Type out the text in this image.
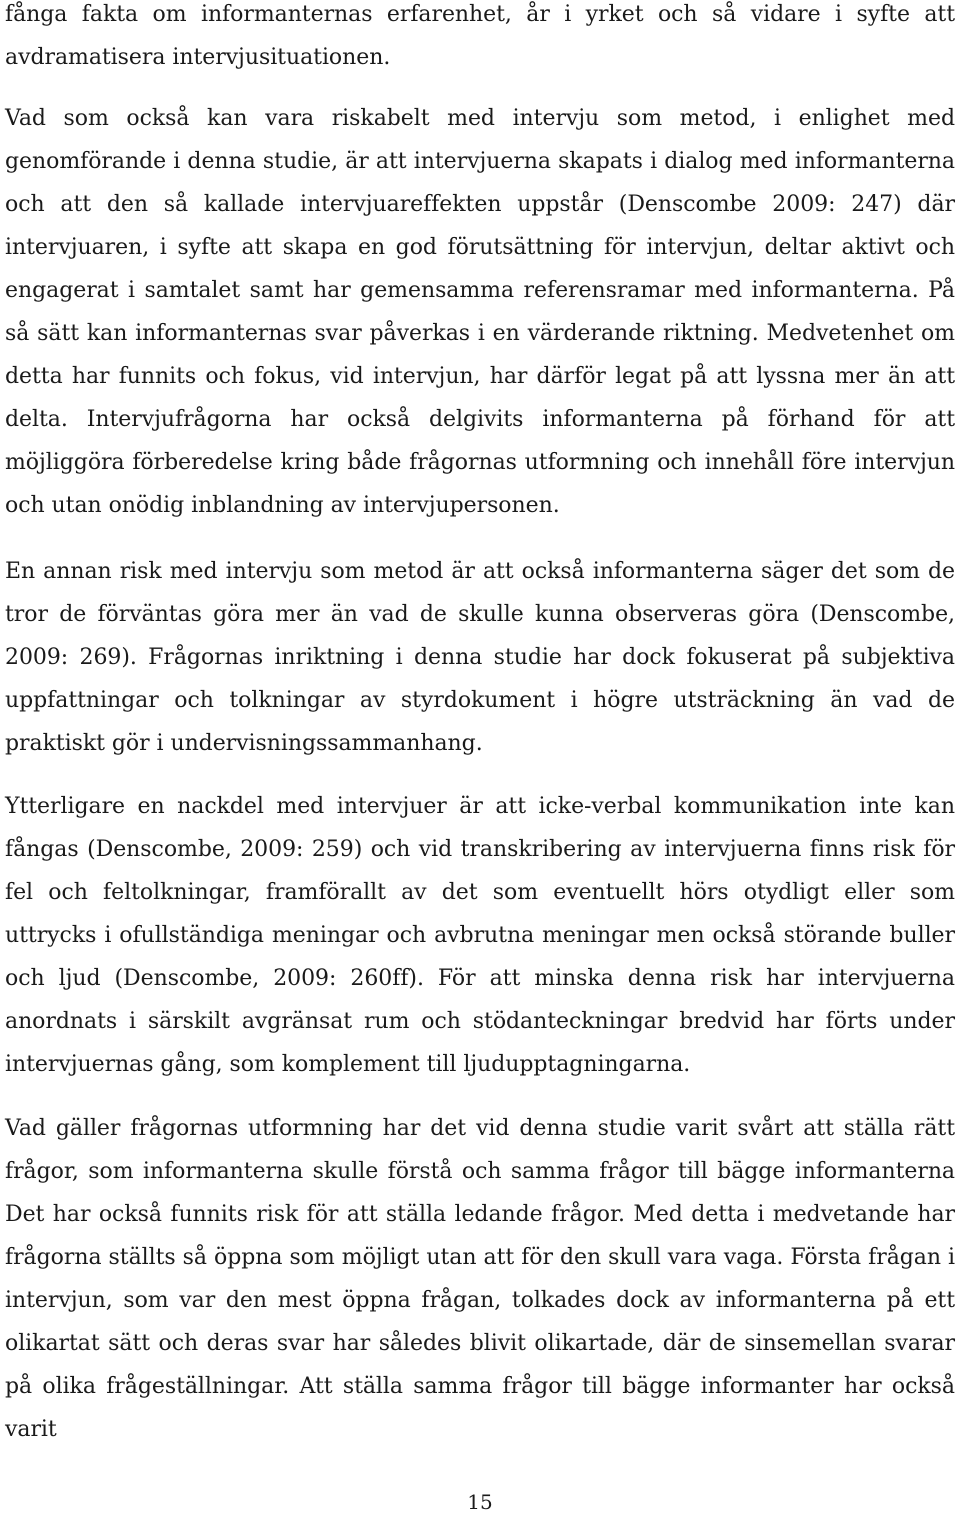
fånga fakta om informanternas erfarenhet, år i yrket och så vidare i syfte att avdramatisera intervjusituationen.

Vad som också kan vara riskabelt med intervju som metod, i enlighet med genomförande i denna studie, är att intervjuerna skapats i dialog med informanterna och att den så kallade intervjuareffekten uppstår (Denscombe 2009: 247) där intervjuaren, i syfte att skapa en god förutsättning för intervjun, deltar aktivt och engagerat i samtalet samt har gemensamma referensramar med informanterna. På så sätt kan informanternas svar påverkas i en värderande riktning. Medvetenhet om detta har funnits och fokus, vid intervjun, har därför legat på att lyssna mer än att delta. Intervjufrågorna har också delgivits informanterna på förhand för att möjliggöra förberedelse kring både frågornas utformning och innehåll före intervjun och utan onödig inblandning av intervjupersonen.

En annan risk med intervju som metod är att också informanterna säger det som de tror de förväntas göra mer än vad de skulle kunna observeras göra (Denscombe, 2009: 269). Frågornas inriktning i denna studie har dock fokuserat på subjektiva uppfattningar och tolkningar av styrdokument i högre utsträckning än vad de praktiskt gör i undervisningssammanhang.

Ytterligare en nackdel med intervjuer är att icke-verbal kommunikation inte kan fångas (Denscombe, 2009: 259) och vid transkribering av intervjuerna finns risk för fel och feltolkningar, framförallt av det som eventuellt hörs otydligt eller som uttrycks i ofullständiga meningar och avbrutna meningar men också störande buller och ljud (Denscombe, 2009: 260ff). För att minska denna risk har intervjuerna anordnats i särskilt avgränsat rum och stödanteckningar bredvid har förts under intervjuernas gång, som komplement till ljudupptagningarna.

Vad gäller frågornas utformning har det vid denna studie varit svårt att ställa rätt frågor, som informanterna skulle förstå och samma frågor till bägge informanterna Det har också funnits risk för att ställa ledande frågor. Med detta i medvetande har frågorna ställts så öppna som möjligt utan att för den skull vara vaga. Första frågan i intervjun, som var den mest öppna frågan, tolkades dock av informanterna på ett olikartat sätt och deras svar har således blivit olikartade, där de sinsemellan svarar på olika frågeställningar. Att ställa samma frågor till bägge informanter har också varit

15
